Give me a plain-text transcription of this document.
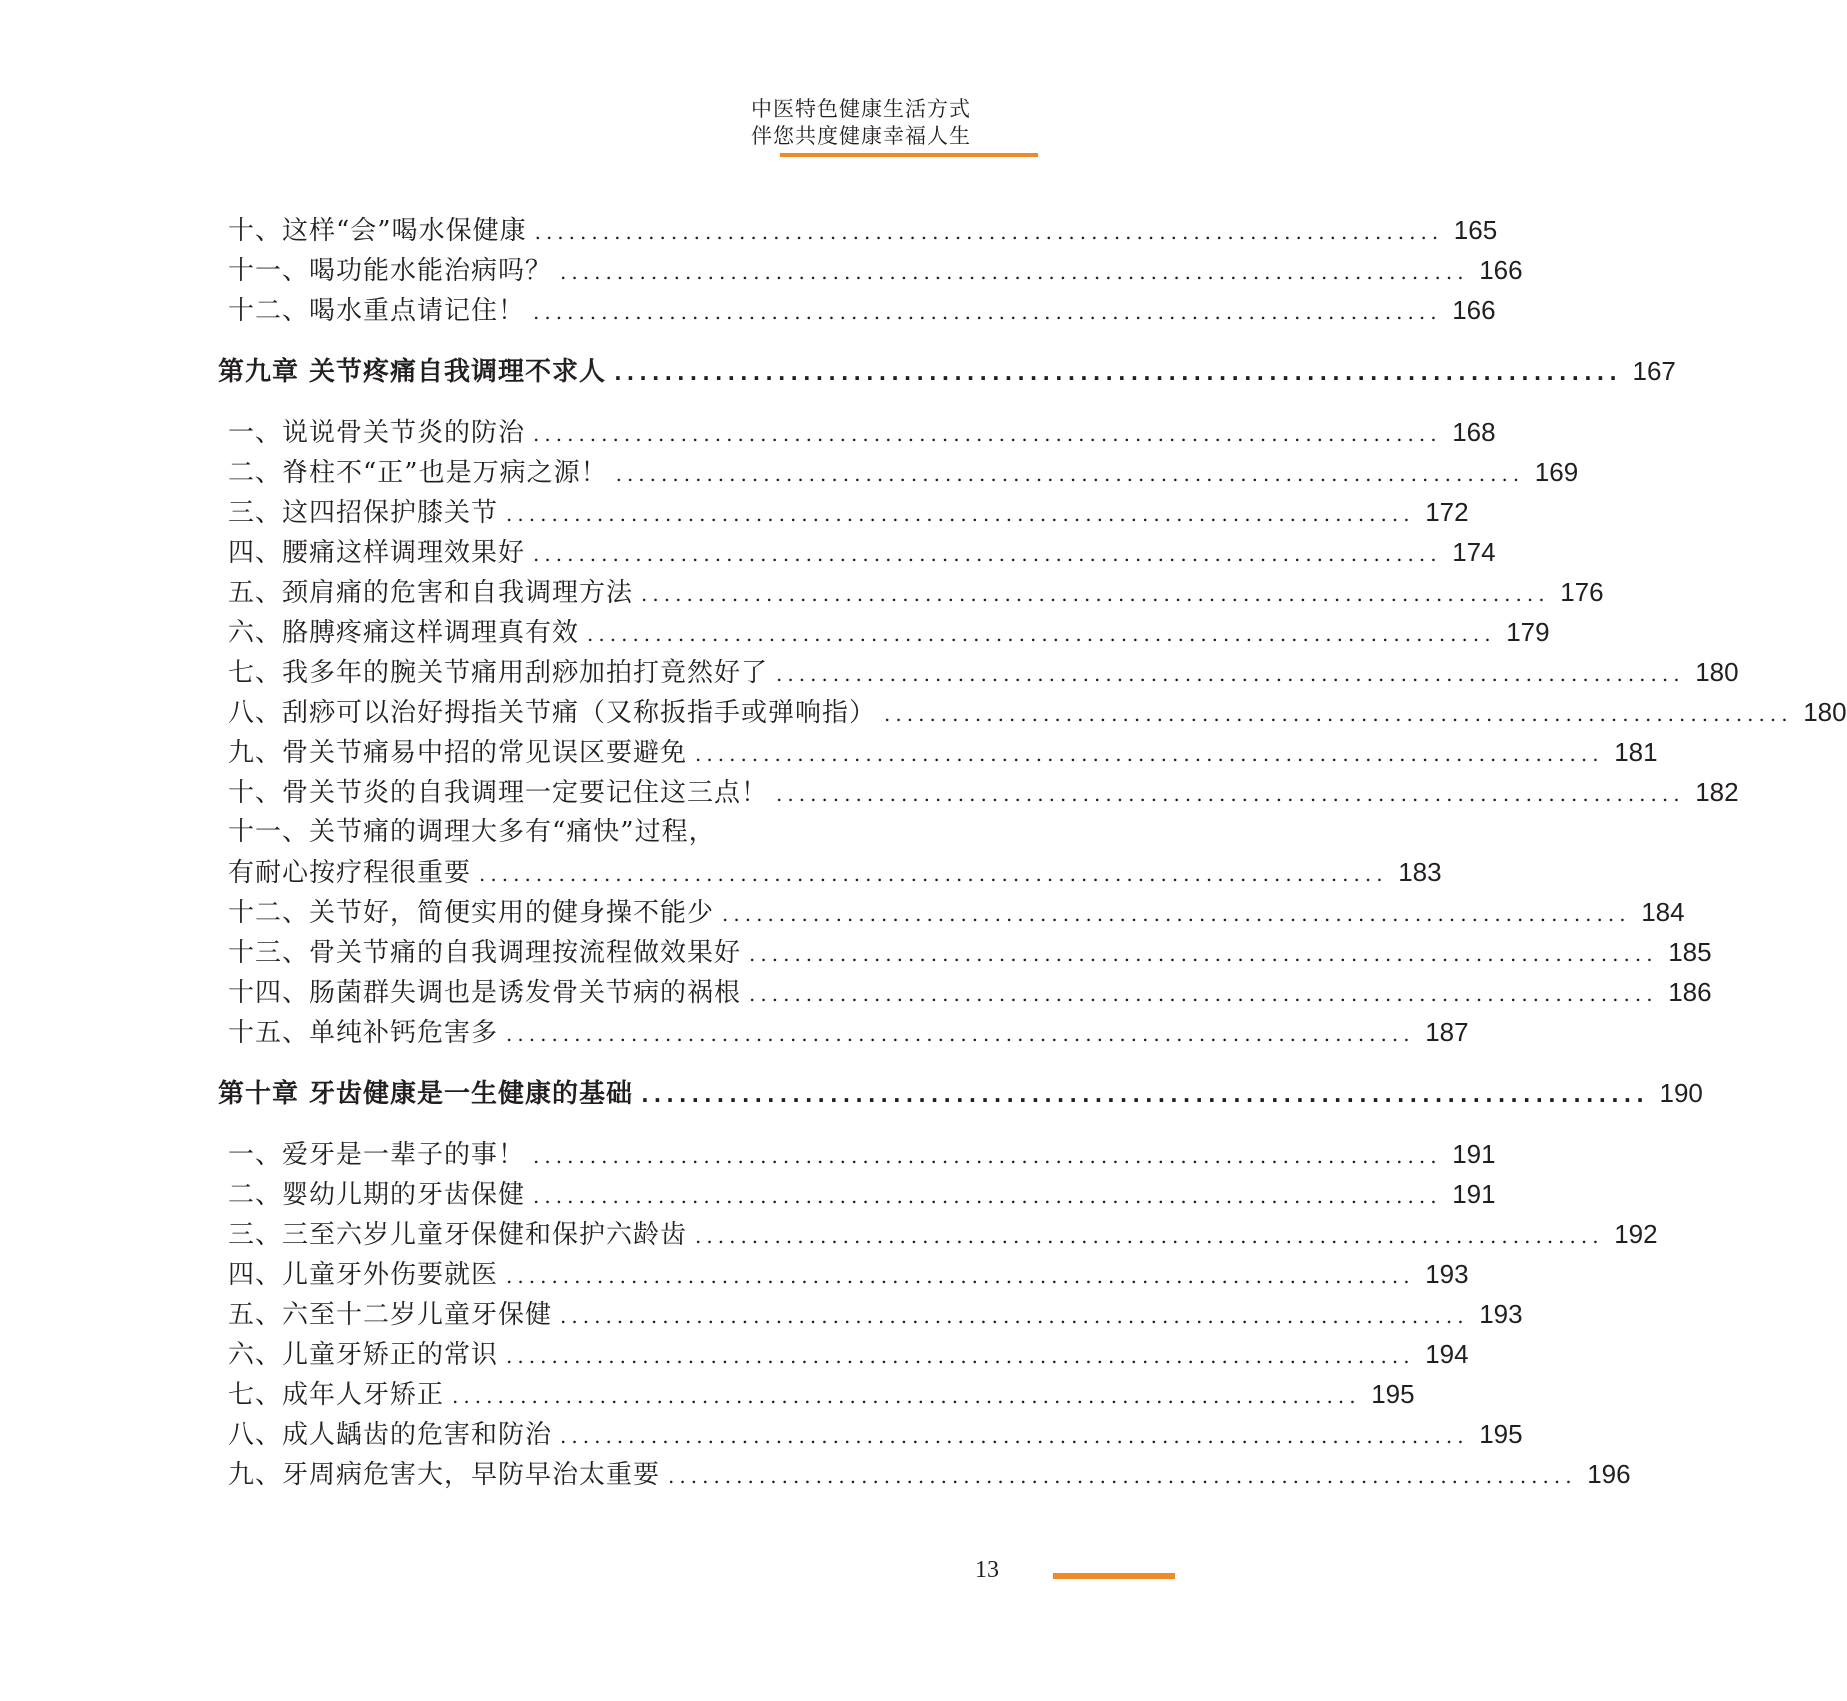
中医特色健康生活方式
伴您共度健康幸福人生
十、这样“会”喝水保健康 ................................................................................ 165
十一、喝功能水能治病吗？ ................................................................................ 166
十二、喝水重点请记住！ ................................................................................ 166
第九章 关节疼痛自我调理不求人 ................................................................................ 167
一、说说骨关节炎的防治 ................................................................................ 168
二、脊柱不“正”也是万病之源！ ................................................................................ 169
三、这四招保护膝关节 ................................................................................ 172
四、腰痛这样调理效果好 ................................................................................ 174
五、颈肩痛的危害和自我调理方法 ................................................................................ 176
六、胳膊疼痛这样调理真有效 ................................................................................ 179
七、我多年的腕关节痛用刮痧加拍打竟然好了 ................................................................................ 180
八、刮痧可以治好拇指关节痛（又称扳指手或弹响指） ................................................................................ 180
九、骨关节痛易中招的常见误区要避免 ................................................................................ 181
十、骨关节炎的自我调理一定要记住这三点！ ................................................................................ 182
十一、关节痛的调理大多有“痛快”过程，
有耐心按疗程很重要 ................................................................................ 183
十二、关节好，简便实用的健身操不能少 ................................................................................ 184
十三、骨关节痛的自我调理按流程做效果好 ................................................................................ 185
十四、肠菌群失调也是诱发骨关节病的祸根 ................................................................................ 186
十五、单纯补钙危害多 ................................................................................ 187
第十章 牙齿健康是一生健康的基础 ................................................................................ 190
一、爱牙是一辈子的事！ ................................................................................ 191
二、婴幼儿期的牙齿保健 ................................................................................ 191
三、三至六岁儿童牙保健和保护六龄齿 ................................................................................ 192
四、儿童牙外伤要就医 ................................................................................ 193
五、六至十二岁儿童牙保健 ................................................................................ 193
六、儿童牙矫正的常识 ................................................................................ 194
七、成年人牙矫正 ................................................................................ 195
八、成人龋齿的危害和防治 ................................................................................ 195
九、牙周病危害大，早防早治太重要 ................................................................................ 196
13
